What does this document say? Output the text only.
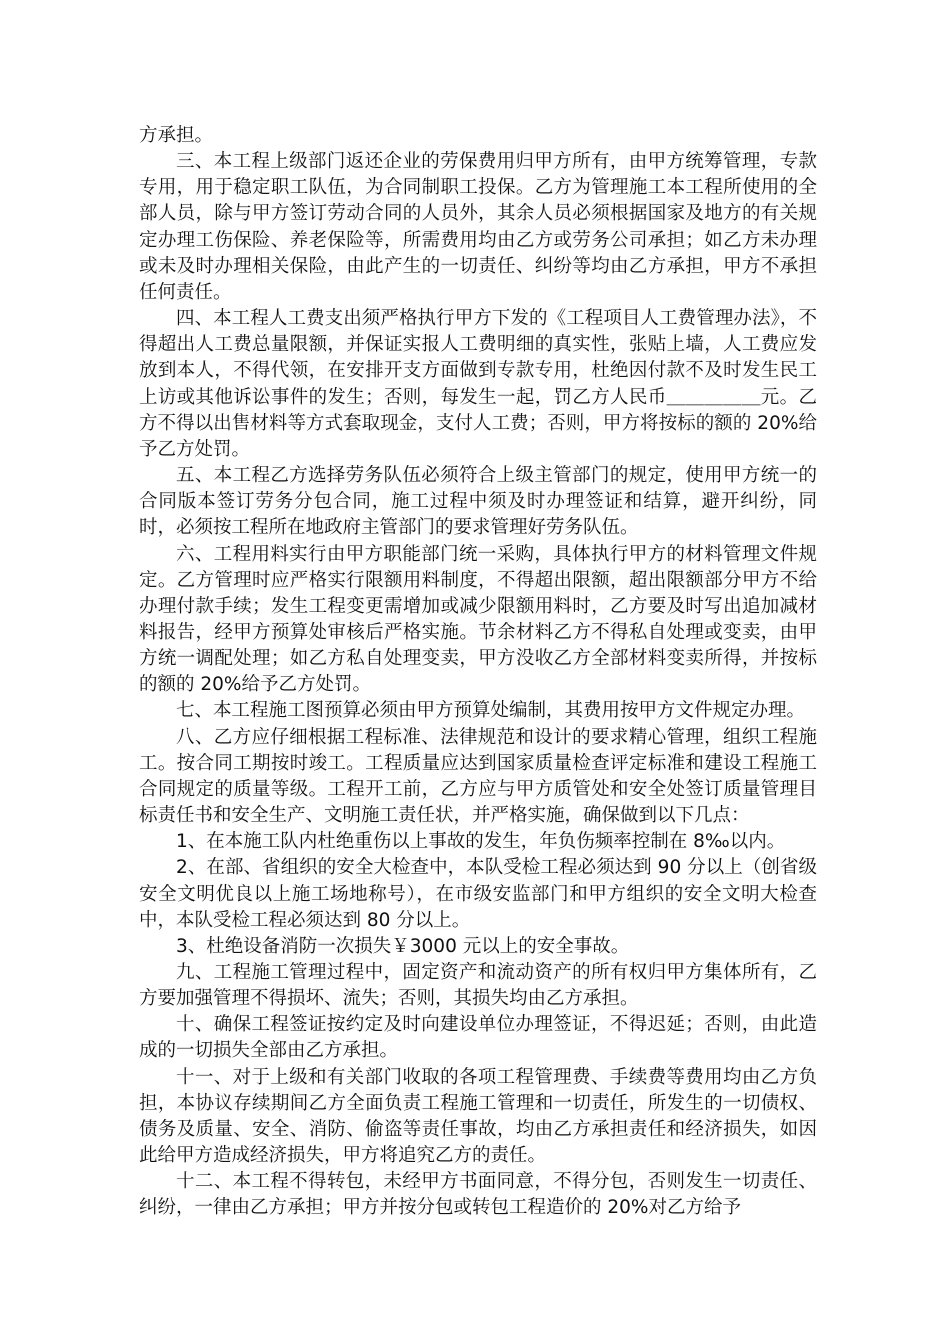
方承担。

三、本工程上级部门返还企业的劳保费用归甲方所有，由甲方统筹管理，专款专用，用于稳定职工队伍，为合同制职工投保。乙方为管理施工本工程所使用的全部人员，除与甲方签订劳动合同的人员外，其余人员必须根据国家及地方的有关规定办理工伤保险、养老保险等，所需费用均由乙方或劳务公司承担；如乙方未办理或未及时办理相关保险，由此产生的一切责任、纠纷等均由乙方承担，甲方不承担任何责任。

四、本工程人工费支出须严格执行甲方下发的《工程项目人工费管理办法》，不得超出人工费总量限额，并保证实报人工费明细的真实性，张贴上墙，人工费应发放到本人，不得代领，在安排开支方面做到专款专用，杜绝因付款不及时发生民工上访或其他诉讼事件的发生；否则，每发生一起，罚乙方人民币＿＿＿＿＿元。乙方不得以出售材料等方式套取现金，支付人工费；否则，甲方将按标的额的 20%给予乙方处罚。

五、本工程乙方选择劳务队伍必须符合上级主管部门的规定，使用甲方统一的合同版本签订劳务分包合同，施工过程中须及时办理签证和结算，避开纠纷，同时，必须按工程所在地政府主管部门的要求管理好劳务队伍。

六、工程用料实行由甲方职能部门统一采购，具体执行甲方的材料管理文件规定。乙方管理时应严格实行限额用料制度，不得超出限额，超出限额部分甲方不给办理付款手续；发生工程变更需增加或减少限额用料时，乙方要及时写出追加减材料报告，经甲方预算处审核后严格实施。节余材料乙方不得私自处理或变卖，由甲方统一调配处理；如乙方私自处理变卖，甲方没收乙方全部材料变卖所得，并按标的额的 20%给予乙方处罚。

七、本工程施工图预算必须由甲方预算处编制，其费用按甲方文件规定办理。

八、乙方应仔细根据工程标准、法律规范和设计的要求精心管理，组织工程施工。按合同工期按时竣工。工程质量应达到国家质量检查评定标准和建设工程施工合同规定的质量等级。工程开工前，乙方应与甲方质管处和安全处签订质量管理目标责任书和安全生产、文明施工责任状，并严格实施，确保做到以下几点：

1、在本施工队内杜绝重伤以上事故的发生，年负伤频率控制在 8‰以内。

2、在部、省组织的安全大检查中，本队受检工程必须达到 90 分以上（创省级安全文明优良以上施工场地称号），在市级安监部门和甲方组织的安全文明大检查中，本队受检工程必须达到 80 分以上。

3、杜绝设备消防一次损失￥3000 元以上的安全事故。

九、工程施工管理过程中，固定资产和流动资产的所有权归甲方集体所有，乙方要加强管理不得损坏、流失；否则，其损失均由乙方承担。

十、确保工程签证按约定及时向建设单位办理签证，不得迟延；否则，由此造成的一切损失全部由乙方承担。

十一、对于上级和有关部门收取的各项工程管理费、手续费等费用均由乙方负担，本协议存续期间乙方全面负责工程施工管理和一切责任，所发生的一切债权、债务及质量、安全、消防、偷盗等责任事故，均由乙方承担责任和经济损失，如因此给甲方造成经济损失，甲方将追究乙方的责任。

十二、本工程不得转包，未经甲方书面同意，不得分包，否则发生一切责任、纠纷，一律由乙方承担；甲方并按分包或转包工程造价的 20%对乙方给予
